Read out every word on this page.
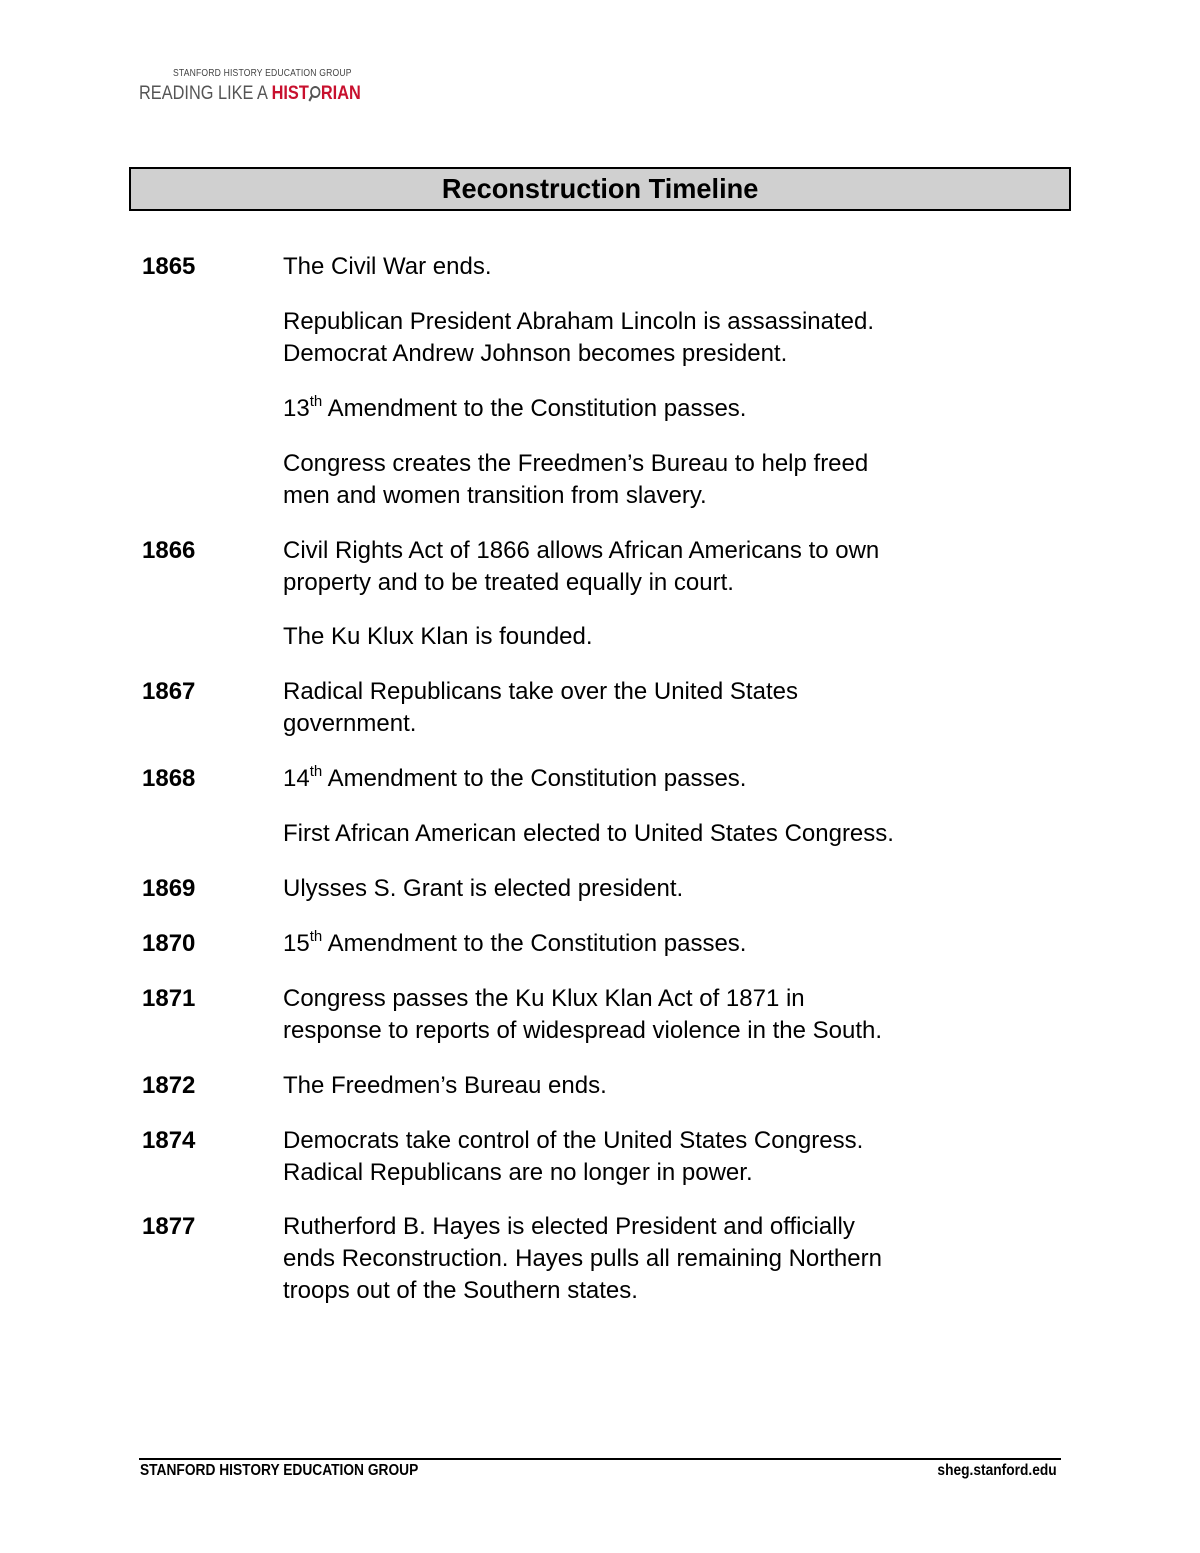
STANFORD HISTORY EDUCATION GROUP
READING LIKE A HIST RIAN
Reconstruction Timeline
1865	The Civil War ends.
Republican President Abraham Lincoln is assassinated.
Democrat Andrew Johnson becomes president.
13th Amendment to the Constitution passes.
Congress creates the Freedmen’s Bureau to help freed
men and women transition from slavery.
1866	Civil Rights Act of 1866 allows African Americans to own
property and to be treated equally in court.
The Ku Klux Klan is founded.
1867	Radical Republicans take over the United States
government.
1868	14th Amendment to the Constitution passes.
First African American elected to United States Congress.
1869	Ulysses S. Grant is elected president.
1870	15th Amendment to the Constitution passes.
1871	Congress passes the Ku Klux Klan Act of 1871 in
response to reports of widespread violence in the South.
1872	The Freedmen’s Bureau ends.
1874	Democrats take control of the United States Congress.
Radical Republicans are no longer in power.
1877	Rutherford B. Hayes is elected President and officially
ends Reconstruction. Hayes pulls all remaining Northern
troops out of the Southern states.
STANFORD HISTORY EDUCATION GROUP	sheg.stanford.edu
